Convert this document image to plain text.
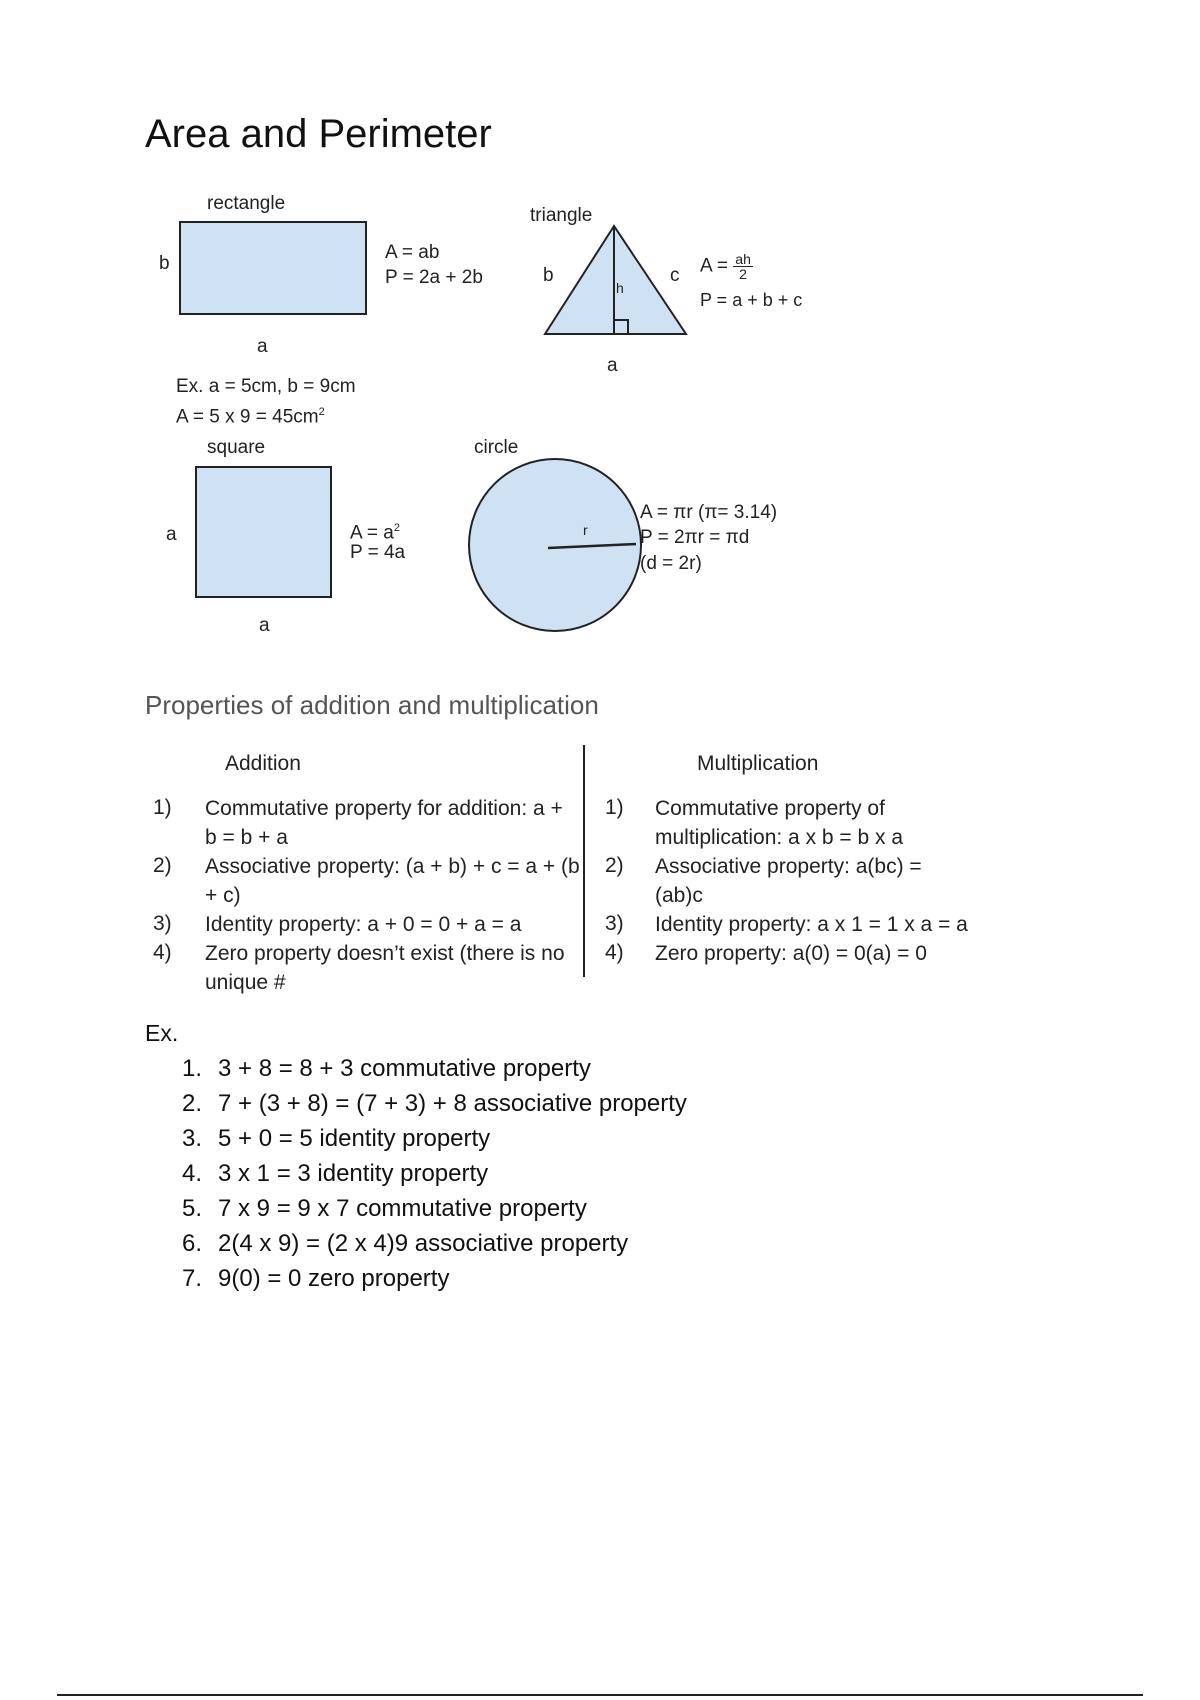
Area and Perimeter
rectangle
b
a
A = ab
P = 2a + 2b
triangle
b	c
h
a
$A = \frac{ah}{2}$
P = a + b + c
Ex. a = 5cm, b = 9cm
A = 5 x $9 = 45cm^2$
square
a
a
$A = a^2$
P = 4a
circle
r
A = πr (π= 3.14)
P = 2πr = πd
(d = 2r)
Properties of addition and multiplication
Addition	Multiplication
1) Commutative property for addition: a + b = b + a
2) Associative property: (a + b) + c = a + (b + c)
3) Identity property: a + 0 = 0 + a = a
4) Zero property doesn’t exist (there is no unique #
1) Commutative property of multiplication: a x b = b x a
2) Associative property: a(bc) = (ab)c
3) Identity property: a x 1 = 1 x a = a
4) Zero property: a(0) = 0(a) = 0
Ex.
1. 3 + 8 = 8 + 3 commutative property
2. 7 + (3 + 8) = (7 + 3) + 8 associative property
3. 5 + 0 = 5 identity property
4. 3 x 1 = 3 identity property
5. 7 x 9 = 9 x 7 commutative property
6. 2(4 x 9) = (2 x 4)9 associative property
7. 9(0) = 0 zero property
